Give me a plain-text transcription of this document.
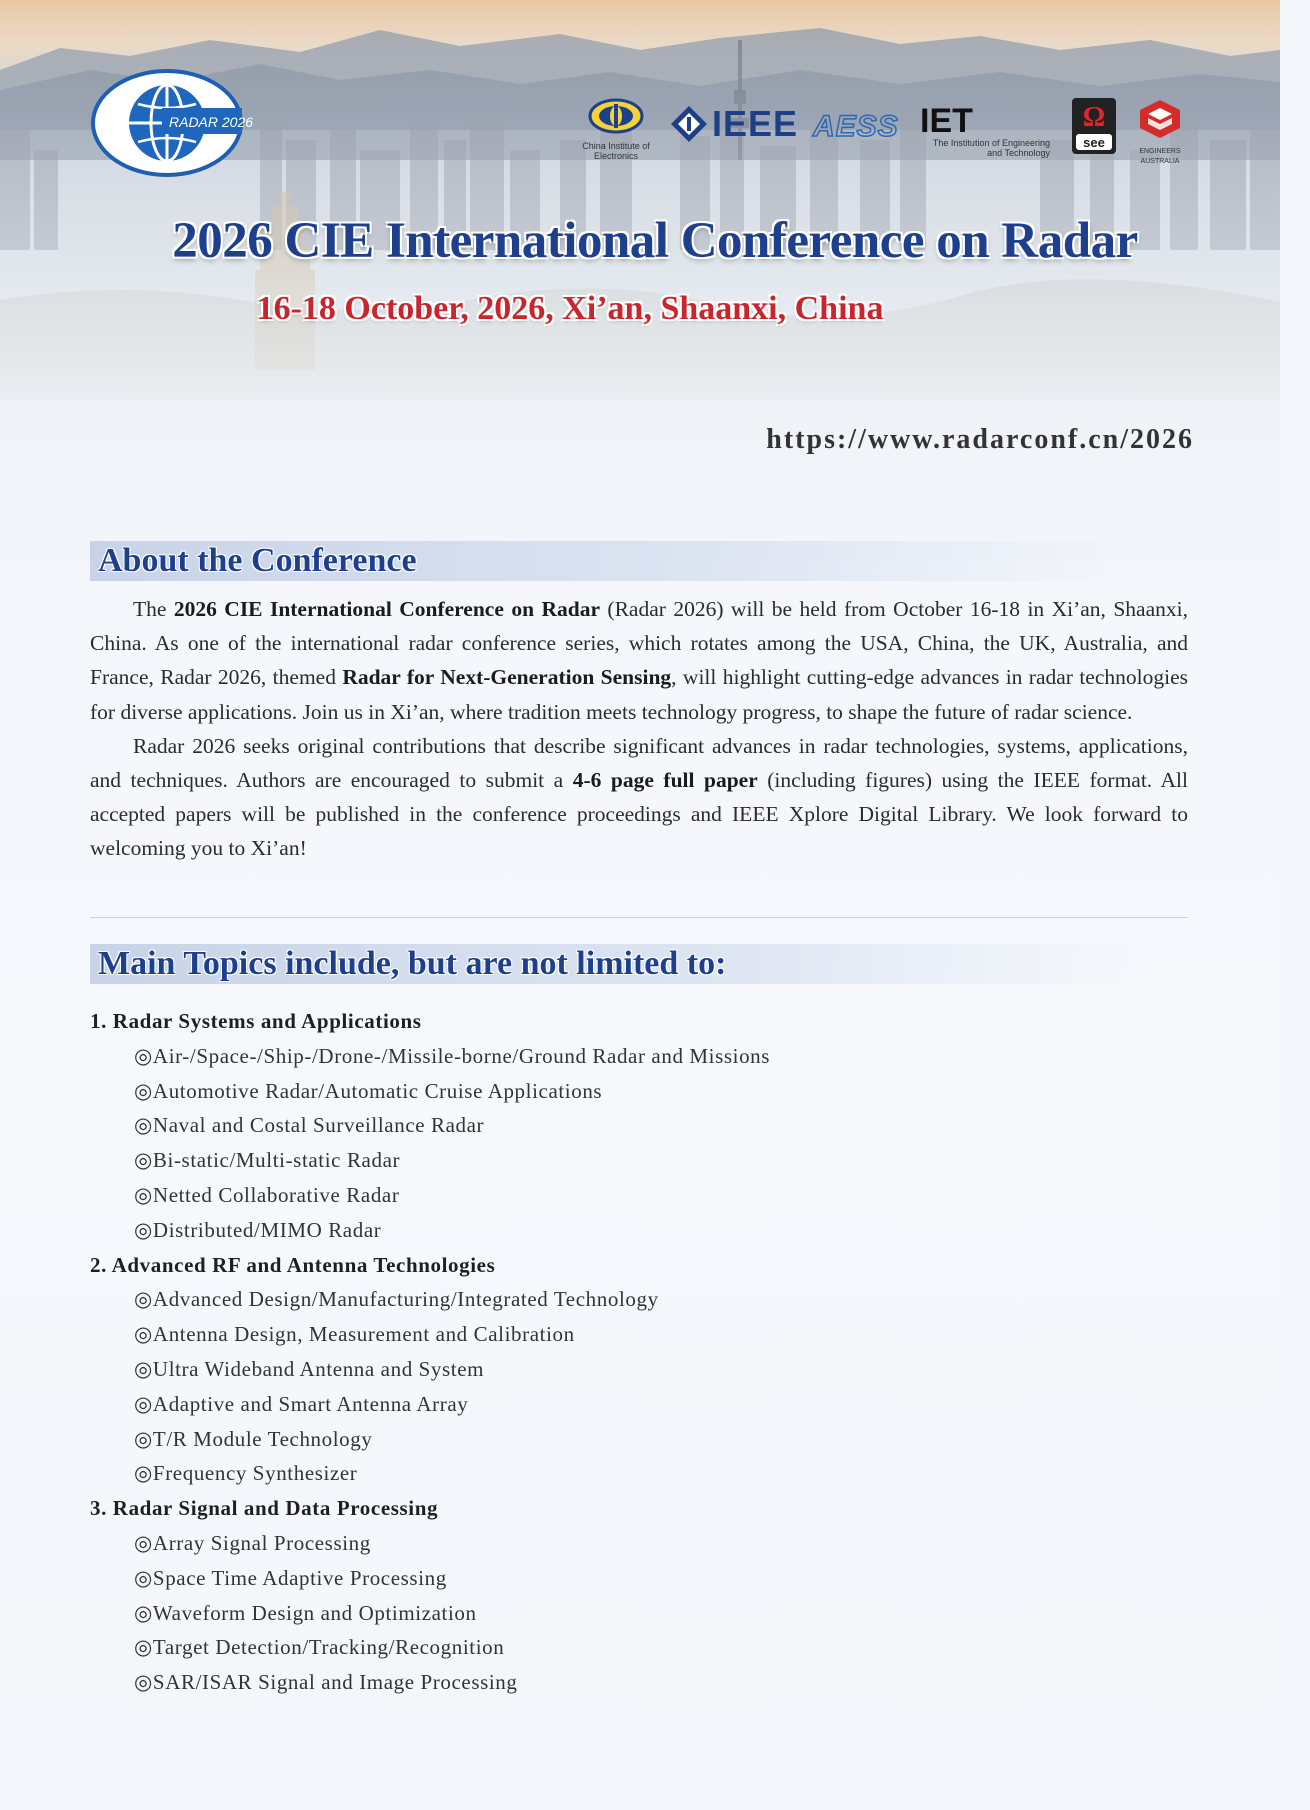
RADAR 2026
China Institute of Electronics
IEEE AESS IET
The Institution of Engineering and Technology
Ω
see
ENGINEERS AUSTRALIA
2026 CIE International Conference on Radar
16-18 October, 2026, Xi’an, Shaanxi, China
https://www.radarconf.cn/2026
About the Conference

The 2026 CIE International Conference on Radar (Radar 2026) will be held from October 16-18 in Xi’an, Shaanxi, China. As one of the international radar conference series, which rotates among the USA, China, the UK, Australia, and France, Radar 2026, themed Radar for Next-Generation Sensing, will highlight cutting-edge advances in radar technologies for diverse applications. Join us in Xi’an, where tradition meets technology progress, to shape the future of radar science.

Radar 2026 seeks original contributions that describe significant advances in radar technologies, systems, applications, and techniques. Authors are encouraged to submit a 4-6 page full paper (including figures) using the IEEE format. All accepted papers will be published in the conference proceedings and IEEE Xplore Digital Library. We look forward to welcoming you to Xi’an!

Main Topics include, but are not limited to:
1. Radar Systems and Applications
◎Air-/Space-/Ship-/Drone-/Missile-borne/Ground Radar and Missions
◎Automotive Radar/Automatic Cruise Applications
◎Naval and Costal Surveillance Radar
◎Bi-static/Multi-static Radar
◎Netted Collaborative Radar
◎Distributed/MIMO Radar
2. Advanced RF and Antenna Technologies
◎Advanced Design/Manufacturing/Integrated Technology
◎Antenna Design, Measurement and Calibration
◎Ultra Wideband Antenna and System
◎Adaptive and Smart Antenna Array
◎T/R Module Technology
◎Frequency Synthesizer
3. Radar Signal and Data Processing
◎Array Signal Processing
◎Space Time Adaptive Processing
◎Waveform Design and Optimization
◎Target Detection/Tracking/Recognition
◎SAR/ISAR Signal and Image Processing
